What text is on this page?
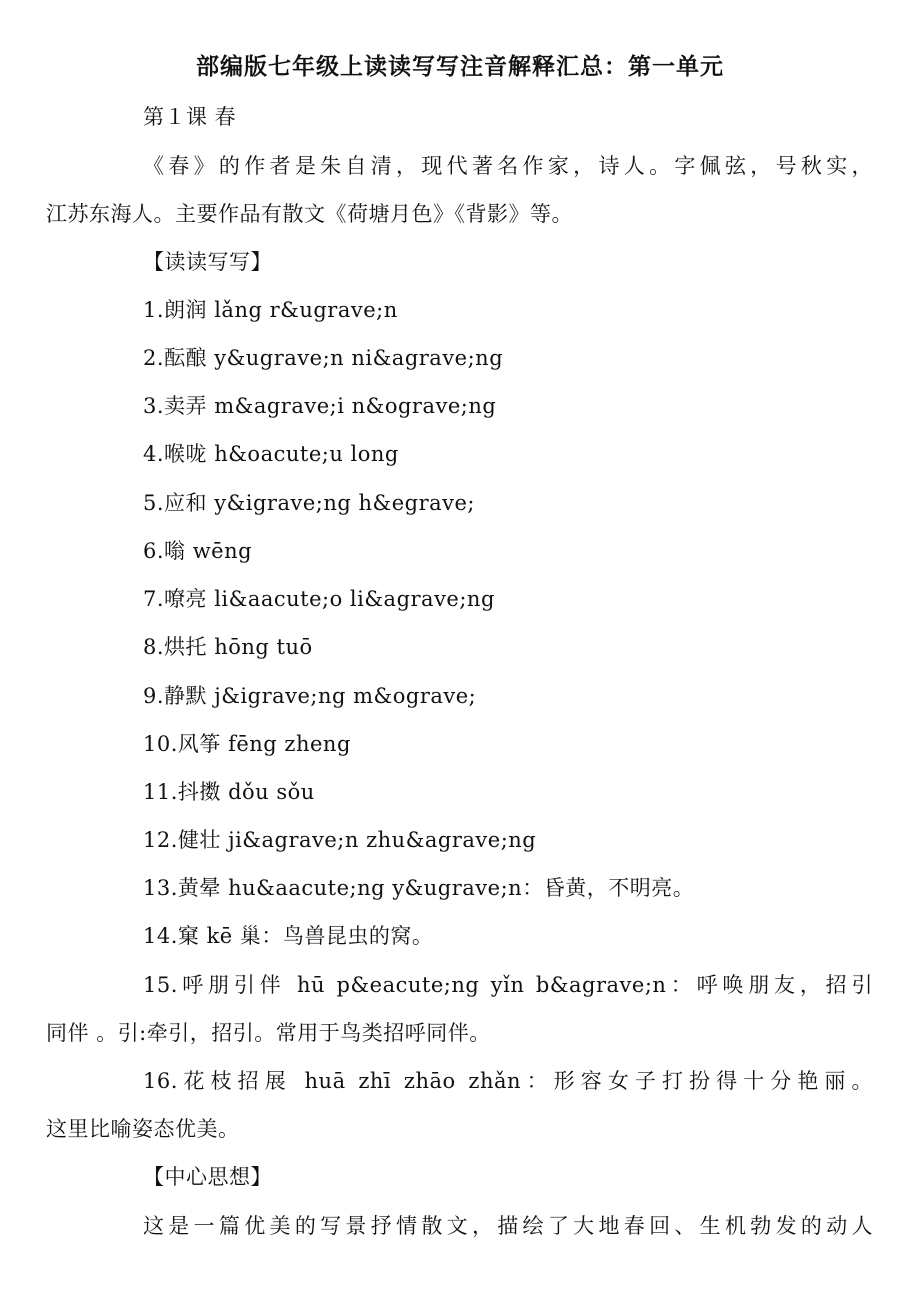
部编版七年级上读读写写注音解释汇总：第一单元
第１课 春
《春》的作者是朱自清，现代著名作家，诗人。字佩弦，号秋实，
江苏东海人。主要作品有散文《荷塘月色》《背影》等。
【读读写写】
1.朗润 lǎng r&ugrave;n
2.酝酿 y&ugrave;n ni&agrave;ng
3.卖弄 m&agrave;i n&ograve;ng
4.喉咙 h&oacute;u long
5.应和 y&igrave;ng h&egrave;
6.嗡 wēng
7.嘹亮 li&aacute;o li&agrave;ng
8.烘托 hōng tuō
9.静默 j&igrave;ng m&ograve;
10.风筝 fēng zheng
11.抖擞 dǒu sǒu
12.健壮 ji&agrave;n zhu&agrave;ng
13.黄晕 hu&aacute;ng y&ugrave;n：昏黄，不明亮。
14.窠 kē 巢：鸟兽昆虫的窝。
15.呼朋引伴 hū p&eacute;ng yǐn b&agrave;n：呼唤朋友，招引
同伴 。引:牵引，招引。常用于鸟类招呼同伴。
16.花枝招展 huā zhī zhāo zhǎn：形容女子打扮得十分艳丽。
这里比喻姿态优美。
【中心思想】
这是一篇优美的写景抒情散文，描绘了大地春回、生机勃发的动人
